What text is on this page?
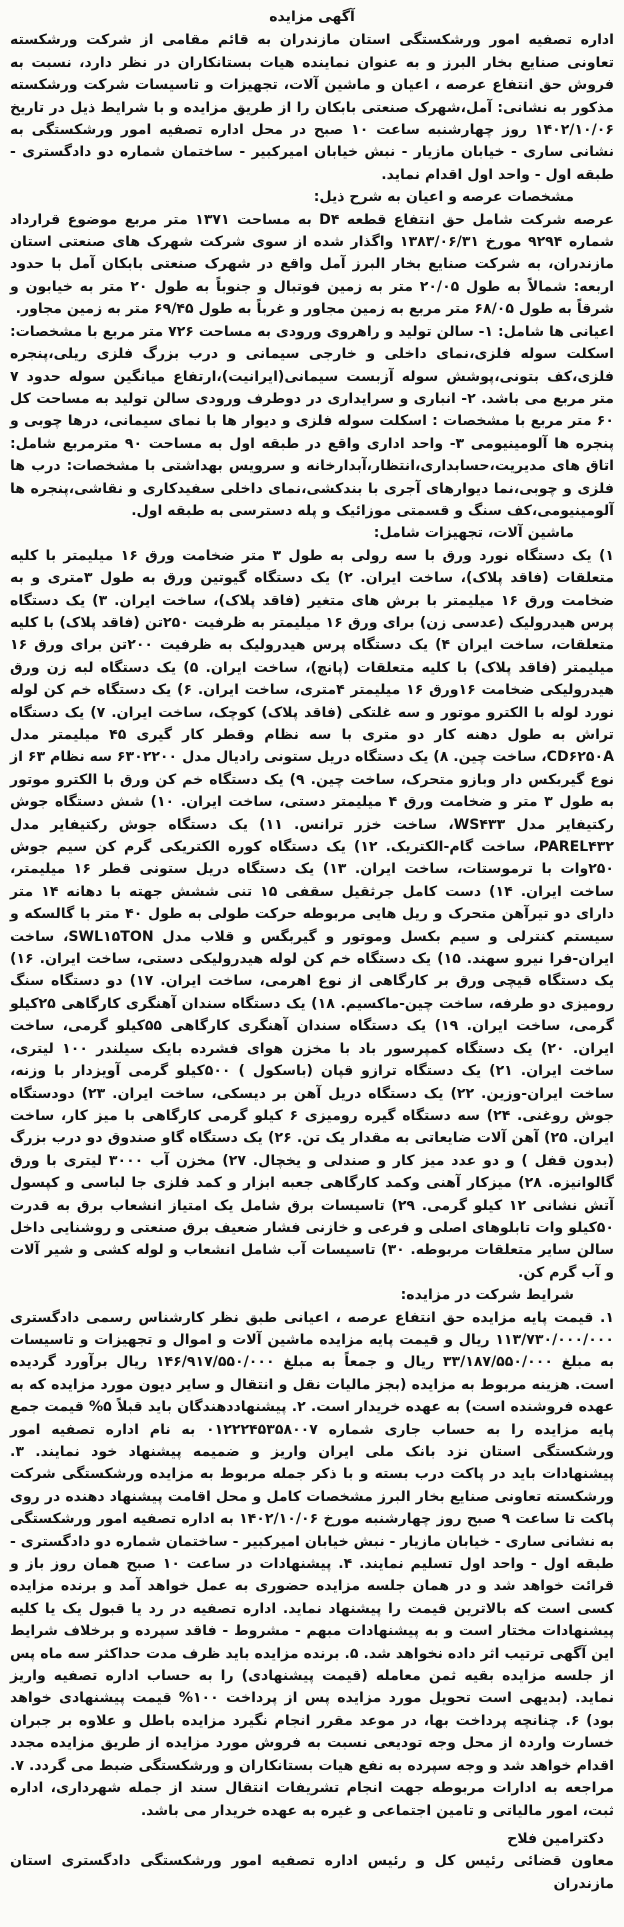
آگهی مزایده

اداره تصفیه امور ورشکستگی استان مازندران به قائم مقامی از شرکت ورشکسته تعاونی صنایع بخار البرز و به عنوان نماینده هیات بستانکاران در نظر دارد، نسبت به فروش حق انتفاع عرصه ، اعیان و ماشین آلات، تجهیزات و تاسیسات شرکت ورشکسته مذکور به نشانی: آمل،شهرک صنعتی بابکان را از طریق مزایده و با شرایط ذیل در تاریخ ۱۴۰۲/۱۰/۰۶ روز چهارشنبه ساعت ۱۰ صبح در محل اداره تصفیه امور ورشکستگی به نشانی ساری - خیابان مازیار - نبش خیابان امیرکبیر - ساختمان شماره دو دادگستری - طبقه اول - واحد اول اقدام نماید.

مشخصات عرصه و اعیان به شرح ذیل:

عرصه شرکت شامل حق انتفاع قطعه D۴ به مساحت ۱۳۷۱ متر مربع موضوع قرارداد شماره ۹۲۹۴ مورخ ۱۳۸۳/۰۶/۳۱ واگذار شده از سوی شرکت شهرک های صنعتی استان مازندران، به شرکت صنایع بخار البرز آمل واقع در شهرک صنعتی بابکان آمل با حدود اربعه: شمالاً به طول ۲۰/۰۵ متر به زمین فوتبال و جنوباً به طول ۲۰ متر به خیابون و شرقاً به طول ۶۸/۰۵ متر مربع به زمین مجاور و غرباً به طول ۶۹/۴۵ متر به زمین مجاور.

اعیانی ها شامل: ۱- سالن تولید و راهروی ورودی به مساحت ۷۲۶ متر مربع با مشخصات: اسکلت سوله فلزی،نمای داخلی و خارجی سیمانی و درب بزرگ فلزی ریلی،پنجره فلزی،کف بتونی،پوشش سوله آزبست سیمانی(ایرانیت)،ارتفاع میانگین سوله حدود ۷ متر مربع می باشد. ۲- انباری و سرایداری در دوطرف ورودی سالن تولید به مساحت کل ۶۰ متر مربع با مشخصات : اسکلت سوله فلزی و دیوار ها با نمای سیمانی، درها چوبی و پنجره ها آلومینیومی ۳- واحد اداری واقع در طبقه اول به مساحت ۹۰ مترمربع شامل: اتاق های مدیریت،حسابداری،انتظار،آبدارخانه و سرویس بهداشتی با مشخصات: درب ها فلزی و چوبی،نما دیوارهای آجری با بندکشی،نمای داخلی سفیدکاری و نقاشی،پنجره ها آلومینیومی،کف سنگ و قسمتی موزائیک و پله دسترسی به طبقه اول.

ماشین آلات، تجهیزات شامل:

۱) یک دستگاه نورد ورق با سه رولی به طول ۳ متر ضخامت ورق ۱۶ میلیمتر با کلیه متعلقات (فاقد پلاک)، ساخت ایران. ۲) یک دستگاه گیوتین ورق به طول ۳متری و به ضخامت ورق ۱۶ میلیمتر با برش های متغیر (فاقد پلاک)، ساخت ایران. ۳) یک دستگاه پرس هیدرولیک (عدسی زن) برای ورق ۱۶ میلیمتر به ظرفیت ۲۵۰تن (فاقد پلاک) با کلیه متعلقات، ساخت ایران ۴) یک دستگاه پرس هیدرولیک به ظرفیت ۲۰۰تن برای ورق ۱۶ میلیمتر (فاقد پلاک) با کلیه متعلقات (پانچ)، ساخت ایران. ۵) یک دستگاه لبه زن ورق هیدرولیکی ضخامت ۱۶ورق ۱۶ میلیمتر ۴متری، ساخت ایران. ۶) یک دستگاه خم کن لوله نورد لوله با الکترو موتور و سه غلتکی (فاقد پلاک) کوچک، ساخت ایران. ۷) یک دستگاه تراش به طول دهنه کار دو متری با سه نظام وقطر کار گیری ۴۵ میلیمتر مدل CD۶۲۵۰A، ساخت چین. ۸) یک دستگاه دریل ستونی رادیال مدل ۶۳۰۲۲۰۰ سه نظام ۶۳ از نوع گیربکس دار وبازو متحرک، ساخت چین. ۹) یک دستگاه خم کن ورق با الکترو موتور به طول ۳ متر و ضخامت ورق ۴ میلیمتر دستی، ساخت ایران. ۱۰) شش دستگاه جوش رکتیفایر مدل WS۴۳۳، ساخت خزر ترانس. ۱۱) یک دستگاه جوش رکتیفایر مدل PAREL۴۳۲، ساخت گام-الکتریک. ۱۲) یک دستگاه کوره الکتریکی گرم کن سیم جوش ۲۵۰وات با ترموستات، ساخت ایران. ۱۳) یک دستگاه دریل ستونی قطر ۱۶ میلیمتر، ساخت ایران. ۱۴) دست کامل جرثقیل سقفی ۱۵ تنی ششش جهته با دهانه ۱۴ متر دارای دو تیرآهن متحرک و ریل هایی مربوطه حرکت طولی به طول ۴۰ متر با گالسکه و سیستم کنترلی و سیم بکسل وموتور و گیربگس و قلاب مدل SWL۱۵TON، ساخت ایران-فرا نیرو سهند. ۱۵) یک دستگاه خم کن لوله هیدرولیکی دستی، ساخت ایران. ۱۶) یک دستگاه قیچی ورق بر کارگاهی از نوع اهرمی، ساخت ایران. ۱۷) دو دستگاه سنگ رومیزی دو طرفه، ساخت چین-ماکسیم. ۱۸) یک دستگاه سندان آهنگری کارگاهی ۲۵کیلو گرمی، ساخت ایران. ۱۹) یک دستگاه سندان آهنگری کارگاهی ۵۵کیلو گرمی، ساخت ایران. ۲۰) یک دستگاه کمپرسور باد با مخزن هوای فشرده بایک سیلندر ۱۰۰ لیتری، ساخت ایران. ۲۱) یک دستگاه ترازو قپان (باسکول ) ۵۰۰کیلو گرمی آویزدار با وزنه، ساخت ایران-وزین. ۲۲) یک دستگاه دریل آهن بر دیسکی، ساخت ایران. ۲۳) دودستگاه جوش روغنی. ۲۴) سه دستگاه گیره رومیزی ۶ کیلو گرمی کارگاهی با میز کار، ساخت ایران. ۲۵) آهن آلات ضایعاتی به مقدار یک تن. ۲۶) یک دستگاه گاو صندوق دو درب بزرگ (بدون قفل ) و دو عدد میز کار و صندلی و یخچال. ۲۷) مخزن آب ۳۰۰۰ لیتری با ورق گالوانیزه. ۲۸) میزکار آهنی وکمد کارگاهی جعبه ابزار و کمد فلزی جا لباسی و کپسول آتش نشانی ۱۲ کیلو گرمی. ۲۹) تاسیسات برق شامل یک امتیاز انشعاب برق به قدرت ۵۰کیلو وات تابلوهای اصلی و فرعی و خازنی فشار ضعیف برق صنعتی و روشنایی داخل سالن سایر متعلقات مربوطه. ۳۰) تاسیسات آب شامل انشعاب و لوله کشی و شیر آلات و آب گرم کن.

شرایط شرکت در مزایده:

۱. قیمت پایه مزایده حق انتفاع عرصه ، اعیانی طبق نظر کارشناس رسمی دادگستری ۱۱۳/۷۳۰/۰۰۰/۰۰۰ ریال و قیمت پایه مزایده ماشین آلات و اموال و تجهیزات و تاسیسات به مبلغ ۳۳/۱۸۷/۵۵۰/۰۰۰ ریال و جمعاً به مبلغ ۱۴۶/۹۱۷/۵۵۰/۰۰۰ ریال برآورد گردیده است. هزینه مربوط به مزایده (بجز مالیات نقل و انتقال و سایر دیون مورد مزایده که به عهده فروشنده است) به عهده خریدار است. ۲. پیشنهاددهندگان باید قبلاً ۵% قیمت جمع پایه مزایده را به حساب جاری شماره ۰۱۲۲۲۴۵۳۵۸۰۰۷ به نام اداره تصفیه امور ورشکستگی استان نزد بانک ملی ایران واریز و ضمیمه پیشنهاد خود نمایند. ۳. پیشنهادات باید در پاکت درب بسته و با ذکر جمله مربوط به مزایده ورشکستگی شرکت ورشکسته تعاونی صنایع بخار البرز مشخصات کامل و محل اقامت پیشنهاد دهنده در روی پاکت تا ساعت ۹ صبح روز چهارشنبه مورخ ۱۴۰۲/۱۰/۰۶ به اداره تصفیه امور ورشکستگی به نشانی ساری - خیابان مازیار - نبش خیابان امیرکبیر - ساختمان شماره دو دادگستری - طبقه اول - واحد اول تسلیم نمایند. ۴. پیشنهادات در ساعت ۱۰ صبح همان روز باز و قرائت خواهد شد و در همان جلسه مزایده حضوری به عمل خواهد آمد و برنده مزایده کسی است که بالاترین قیمت را پیشنهاد نماید. اداره تصفیه در رد یا قبول یک یا کلیه پیشنهادات مختار است و به پیشنهادات مبهم - مشروط - فاقد سپرده و برخلاف شرایط این آگهی ترتیب اثر داده نخواهد شد. ۵. برنده مزایده باید ظرف مدت حداکثر سه ماه پس از جلسه مزایده بقیه ثمن معامله (قیمت پیشنهادی) را به حساب اداره تصفیه واریز نماید. (بدیهی است تحویل مورد مزایده پس از پرداخت ۱۰۰% قیمت پیشنهادی خواهد بود) ۶. چنانچه پرداخت بها، در موعد مقرر انجام نگیرد مزایده باطل و علاوه بر جبران خسارت واردہ از محل وجه تودیعی نسبت به فروش مورد مزایده از طریق مزایده مجدد اقدام خواهد شد و وجه سپرده به نفع هیات بستانکاران و ورشکستگی ضبط می گردد. ۷. مراجعه به ادارات مربوطه جهت انجام تشریفات انتقال سند از جمله شهرداری، اداره ثبت، امور مالیاتی و تامین اجتماعی و غیره به عهده خریدار می باشد.

دکترامین فلاح
معاون قضائی رئیس کل و رئیس اداره تصفیه امور ورشکستگی دادگستری استان مازندران
